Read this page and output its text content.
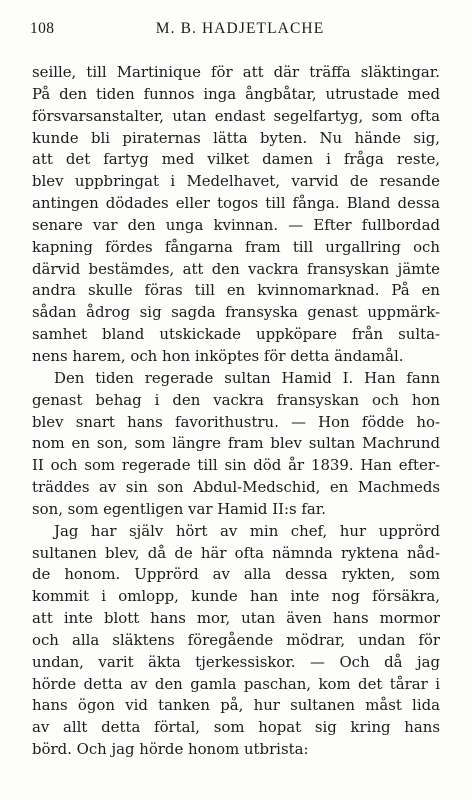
108	M. B. HADJETLACHE
seille, till Martinique för att där träffa släktingar.
På den tiden funnos inga ångbåtar, utrustade med
försvarsanstalter, utan endast segelfartyg, som ofta
kunde bli piraternas lätta byten. Nu hände sig,
att det fartyg med vilket damen i fråga reste,
blev uppbringat i Medelhavet, varvid de resande
antingen dödades eller togos till fånga. Bland dessa
senare var den unga kvinnan. — Efter fullbordad
kapning fördes fångarna fram till urgallring och
därvid bestämdes, att den vackra fransyskan jämte
andra skulle föras till en kvinnomarknad. På en
sådan ådrog sig sagda fransyska genast uppmärk-
samhet bland utskickade uppköpare från sulta-
nens harem, och hon inköptes för detta ändamål.
Den tiden regerade sultan Hamid I. Han fann
genast behag i den vackra fransyskan och hon
blev snart hans favorithustru. — Hon födde ho-
nom en son, som längre fram blev sultan Machrund
II och som regerade till sin död år 1839. Han efter-
träddes av sin son Abdul-Medschid, en Machmeds
son, som egentligen var Hamid II:s far.
Jag har själv hört av min chef, hur upprörd
sultanen blev, då de här ofta nämnda ryktena nåd-
de honom. Upprörd av alla dessa rykten, som
kommit i omlopp, kunde han inte nog försäkra,
att inte blott hans mor, utan även hans mormor
och alla släktens föregående mödrar, undan för
undan, varit äkta tjerkessiskor. — Och då jag
hörde detta av den gamla paschan, kom det tårar i
hans ögon vid tanken på, hur sultanen måst lida
av allt detta förtal, som hopat sig kring hans
börd. Och jag hörde honom utbrista:
